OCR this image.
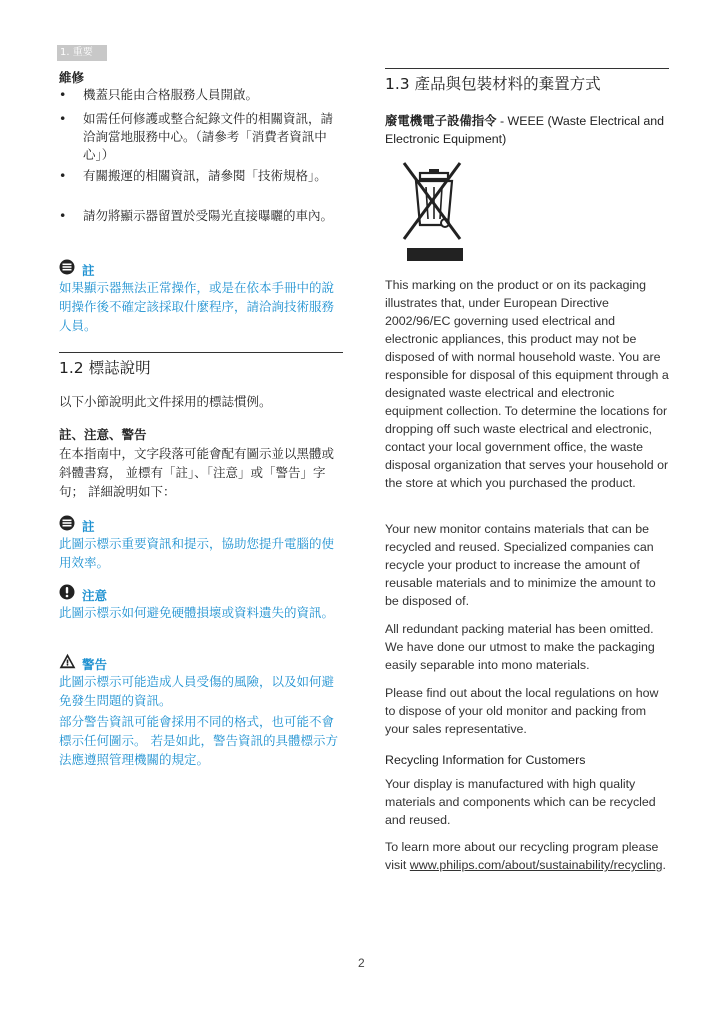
1. 重要
維修
• 機蓋只能由合格服務人員開啟。
• 如需任何修護或整合紀錄文件的相關資訊，請洽詢當地服務中心。（請參考「消費者資訊中心」）
• 有關搬運的相關資訊，請參閱「技術規格」。
• 請勿將顯示器留置於受陽光直接曝曬的車內。
註
如果顯示器無法正常操作，或是在依本手冊中的說明操作後不確定該採取什麼程序，請洽詢技術服務人員。
1.2 標誌說明
以下小節說明此文件採用的標誌慣例。
註、注意、警告
在本指南中，文字段落可能會配有圖示並以黑體或斜體書寫， 並標有「註」、「注意」或「警告」字句； 詳細說明如下：
註
此圖示標示重要資訊和提示，協助您提升電腦的使用效率。
注意
此圖示標示如何避免硬體損壞或資料遺失的資訊。
警告
此圖示標示可能造成人員受傷的風險，以及如何避免發生問題的資訊。
部分警告資訊可能會採用不同的格式，也可能不會標示任何圖示。 若是如此，警告資訊的具體標示方法應遵照管理機關的規定。
1.3 產品與包裝材料的棄置方式
廢電機電子設備指令 - WEEE (Waste Electrical and Electronic Equipment)
This marking on the product or on its packaging illustrates that, under European Directive 2002/96/EC governing used electrical and electronic appliances, this product may not be disposed of with normal household waste. You are responsible for disposal of this equipment through a designated waste electrical and electronic equipment collection. To determine the locations for dropping off such waste electrical and electronic, contact your local government office, the waste disposal organization that serves your household or the store at which you purchased the product.
Your new monitor contains materials that can be recycled and reused. Specialized companies can recycle your product to increase the amount of reusable materials and to minimize the amount to be disposed of.
All redundant packing material has been omitted. We have done our utmost to make the packaging easily separable into mono materials.
Please find out about the local regulations on how to dispose of your old monitor and packing from your sales representative.
Recycling Information for Customers
Your display is manufactured with high quality materials and components which can be recycled and reused.
To learn more about our recycling program please visit www.philips.com/about/sustainability/recycling.
2
